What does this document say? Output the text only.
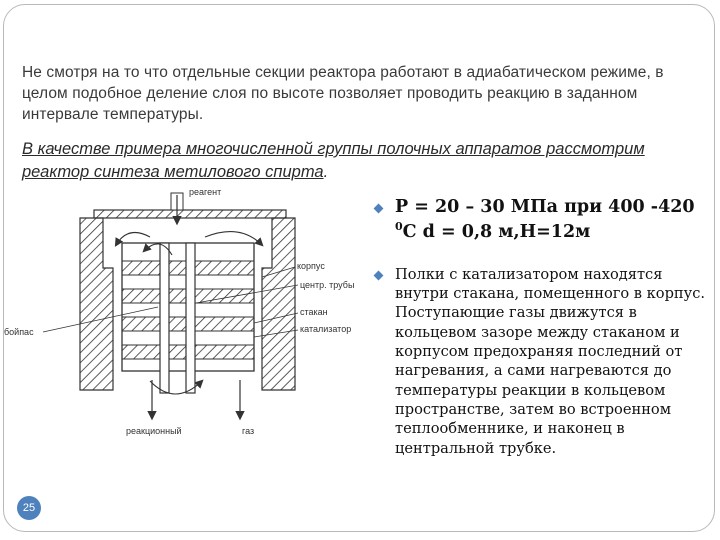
Не смотря на то что отдельные секции реактора работают в адиабатическом режиме, в целом подобное деление слоя по высоте позволяет проводить реакцию в заданном интервале температуры.

В качестве примера многочисленной группы полочных аппаратов рассмотрим реактор синтеза метилового спирта.

реагент
корпус
центр. трубы
стакан
катализатор
бойпас
реакционный	газ
P = 20 – 30 МПа при 400 -420
$^0$C d = 0,8 м,H=12м
Полки с катализатором находятся внутри стакана, помещенного в корпус. Поступающие газы движутся в кольцевом зазоре между стаканом и корпусом предохраняя последний от нагревания, а сами нагреваются до температуры реакции в кольцевом пространстве, затем во встроенном теплообменнике, и наконец в центральной трубке.
25
